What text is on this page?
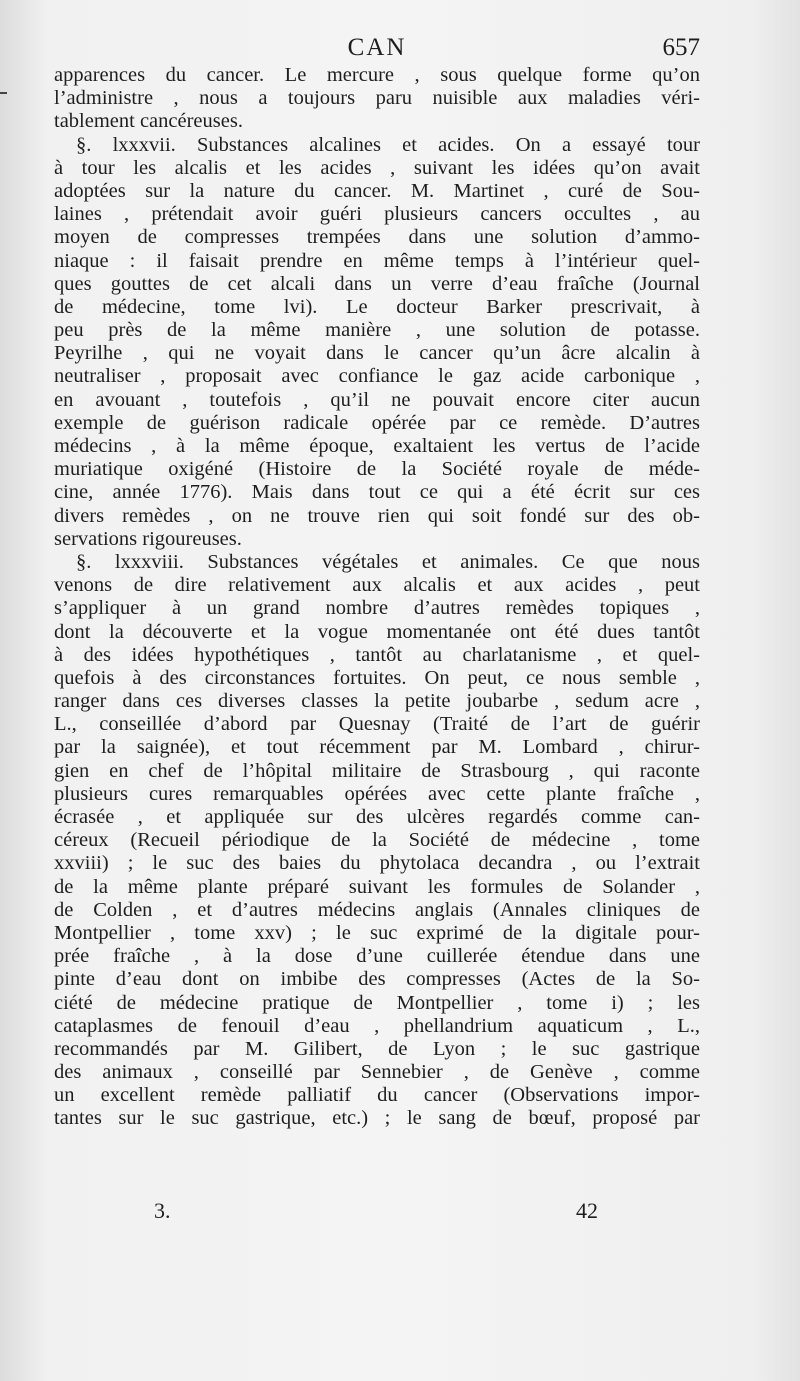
CAN	657
apparences du cancer. Le mercure , sous quelque forme qu’on
l’administre , nous a toujours paru nuisible aux maladies véri-
tablement cancéreuses.
§. lxxxvii. Substances alcalines et acides. On a essayé tour
à tour les alcalis et les acides , suivant les idées qu’on avait
adoptées sur la nature du cancer. M. Martinet , curé de Sou-
laines , prétendait avoir guéri plusieurs cancers occultes , au
moyen de compresses trempées dans une solution d’ammo-
niaque : il faisait prendre en même temps à l’intérieur quel-
ques gouttes de cet alcali dans un verre d’eau fraîche (Journal
de médecine, tome lvi). Le docteur Barker prescrivait, à
peu près de la même manière , une solution de potasse.
Peyrilhe , qui ne voyait dans le cancer qu’un âcre alcalin à
neutraliser , proposait avec confiance le gaz acide carbonique ,
en avouant , toutefois , qu’il ne pouvait encore citer aucun
exemple de guérison radicale opérée par ce remède. D’autres
médecins , à la même époque, exaltaient les vertus de l’acide
muriatique oxigéné (Histoire de la Société royale de méde-
cine, année 1776). Mais dans tout ce qui a été écrit sur ces
divers remèdes , on ne trouve rien qui soit fondé sur des ob-
servations rigoureuses.
§. lxxxviii. Substances végétales et animales. Ce que nous
venons de dire relativement aux alcalis et aux acides , peut
s’appliquer à un grand nombre d’autres remèdes topiques ,
dont la découverte et la vogue momentanée ont été dues tantôt
à des idées hypothétiques , tantôt au charlatanisme , et quel-
quefois à des circonstances fortuites. On peut, ce nous semble ,
ranger dans ces diverses classes la petite joubarbe , sedum acre ,
L., conseillée d’abord par Quesnay (Traité de l’art de guérir
par la saignée), et tout récemment par M. Lombard , chirur-
gien en chef de l’hôpital militaire de Strasbourg , qui raconte
plusieurs cures remarquables opérées avec cette plante fraîche ,
écrasée , et appliquée sur des ulcères regardés comme can-
céreux (Recueil périodique de la Société de médecine , tome
xxviii) ; le suc des baies du phytolaca decandra , ou l’extrait
de la même plante préparé suivant les formules de Solander ,
de Colden , et d’autres médecins anglais (Annales cliniques de
Montpellier , tome xxv) ; le suc exprimé de la digitale pour-
prée fraîche , à la dose d’une cuillerée étendue dans une
pinte d’eau dont on imbibe des compresses (Actes de la So-
ciété de médecine pratique de Montpellier , tome i) ; les
cataplasmes de fenouil d’eau , phellandrium aquaticum , L.,
recommandés par M. Gilibert, de Lyon ; le suc gastrique
des animaux , conseillé par Sennebier , de Genève , comme
un excellent remède palliatif du cancer (Observations impor-
tantes sur le suc gastrique, etc.) ; le sang de bœuf, proposé par
3.	42
